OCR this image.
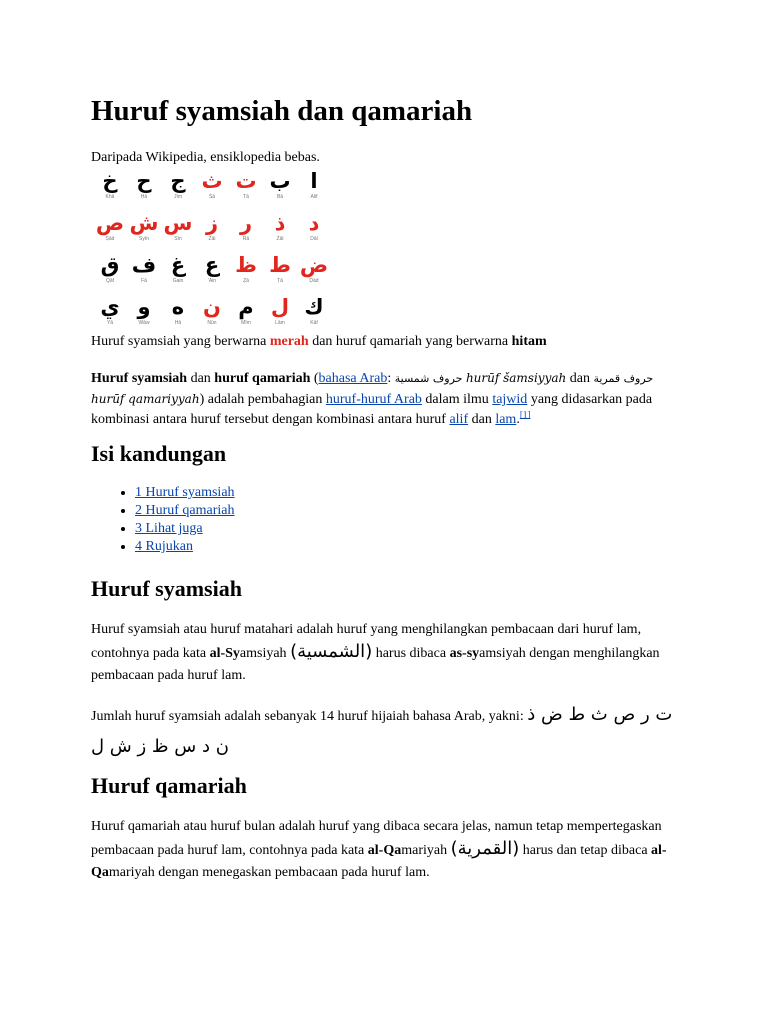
Huruf syamsiah dan qamariah
Daripada Wikipedia, ensiklopedia bebas.
ا
Alif
ب
Bā
ت
Tā
ث
Ṡā
ج
Jīm
ح
Ḥā
خ
Khā
د
Dāl
ذ
Żāl
ر
Rā
ز
Zāi
س
Sīn
ش
Syīn
ص
Ṣād
ض
Ḍād
ط
Ṭā
ظ
Ẓā
ع
'Ain
غ
Gain
ف
Fā
ق
Qāf
ك
Kāf
ل
Lām
م
Mīm
ن
Nūn
ه
Hā
و
Wāw
ي
Yā
Huruf syamsiah yang berwarna merah dan huruf qamariah yang berwarna hitam
Huruf syamsiah dan huruf qamariah (bahasa Arab: حروف شمسية hurūf šamsiyyah dan حروف قمرية hurūf qamariyyah) adalah pembahagian huruf-huruf Arab dalam ilmu tajwid yang didasarkan pada kombinasi antara huruf tersebut dengan kombinasi antara huruf alif dan lam.[1]
Isi kandungan
• 1 Huruf syamsiah
• 2 Huruf qamariah
• 3 Lihat juga
• 4 Rujukan
Huruf syamsiah
Huruf syamsiah atau huruf matahari adalah huruf yang menghilangkan pembacaan dari huruf lam, contohnya pada kata al-Syamsiyah (الشمسية) harus dibaca as-syamsiyah dengan menghilangkan pembacaan pada huruf lam.
Jumlah huruf syamsiah adalah sebanyak 14 huruf hijaiah bahasa Arab, yakni: ت ر ص ث ط ض ذ ن د س ظ ز ش ل
Huruf qamariah
Huruf qamariah atau huruf bulan adalah huruf yang dibaca secara jelas, namun tetap mempertegaskan pembacaan pada huruf lam, contohnya pada kata al-Qamariyah (القمرية) harus dan tetap dibaca al-Qamariyah dengan menegaskan pembacaan pada huruf lam.
